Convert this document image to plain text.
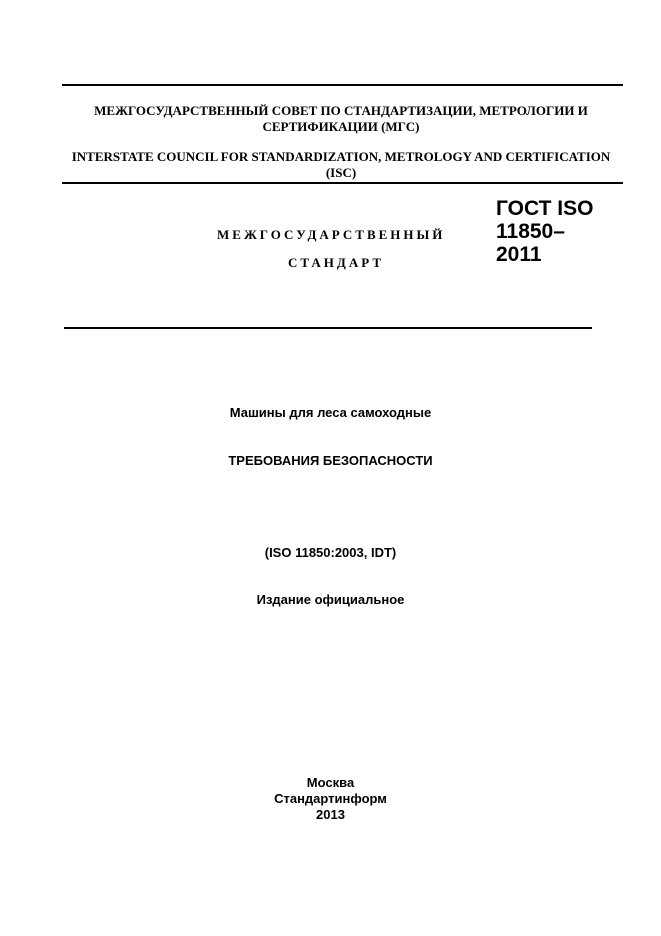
МЕЖГОСУДАРСТВЕННЫЙ СОВЕТ ПО СТАНДАРТИЗАЦИИ, МЕТРОЛОГИИ И СЕРТИФИКАЦИИ (МГС)
INTERSTATE COUNCIL FOR STANDARDIZATION, METROLOGY AND CERTIFICATION (ISC)
МЕЖГОСУДАРСТВЕННЫЙ
СТАНДАРТ
ГОСТ ISO
11850–
2011
Машины для леса самоходные
ТРЕБОВАНИЯ БЕЗОПАСНОСТИ
(ISO 11850:2003, IDT)
Издание официальное
Москва
Стандартинформ
2013
